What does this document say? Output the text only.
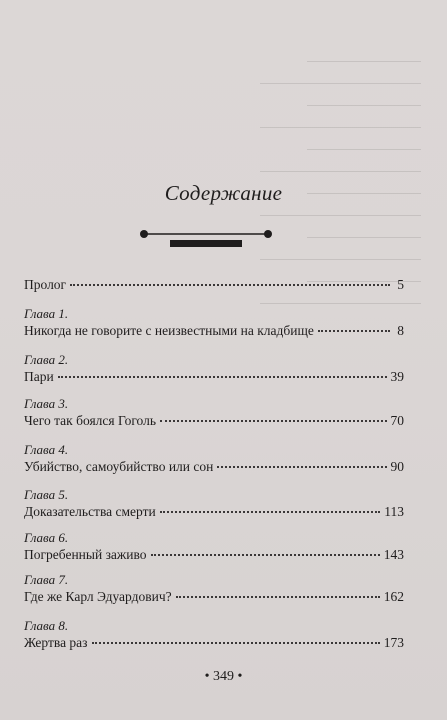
Содержание
Пролог	5
Глава 1.
Никогда не говорите с неизвестными на кладбище	8
Глава 2.
Пари	39
Глава 3.
Чего так боялся Гоголь	70
Глава 4.
Убийство, самоубийство или сон	90
Глава 5.
Доказательства смерти	113
Глава 6.
Погребенный заживо	143
Глава 7.
Где же Карл Эдуардович?	162
Глава 8.
Жертва раз	173
• 349 •
